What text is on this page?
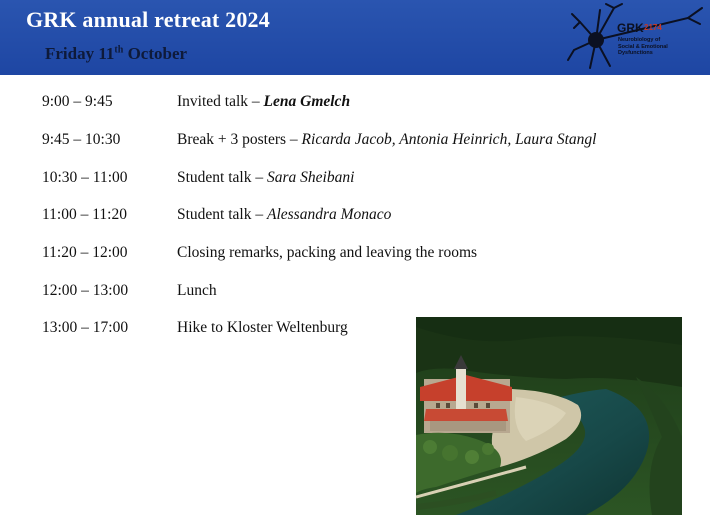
GRK annual retreat 2024
Friday 11th October
GRK 2174
Neurobiology of
Social & Emotional
Dysfunctions
9:00 – 9:45	Invited talk – Lena Gmelch
9:45 – 10:30	Break + 3 posters – Ricarda Jacob, Antonia Heinrich, Laura Stangl
10:30 – 11:00	Student talk – Sara Sheibani
11:00 – 11:20	Student talk – Alessandra Monaco
11:20 – 12:00	Closing remarks, packing and leaving the rooms
12:00 – 13:00	Lunch
13:00 – 17:00	Hike to Kloster Weltenburg
